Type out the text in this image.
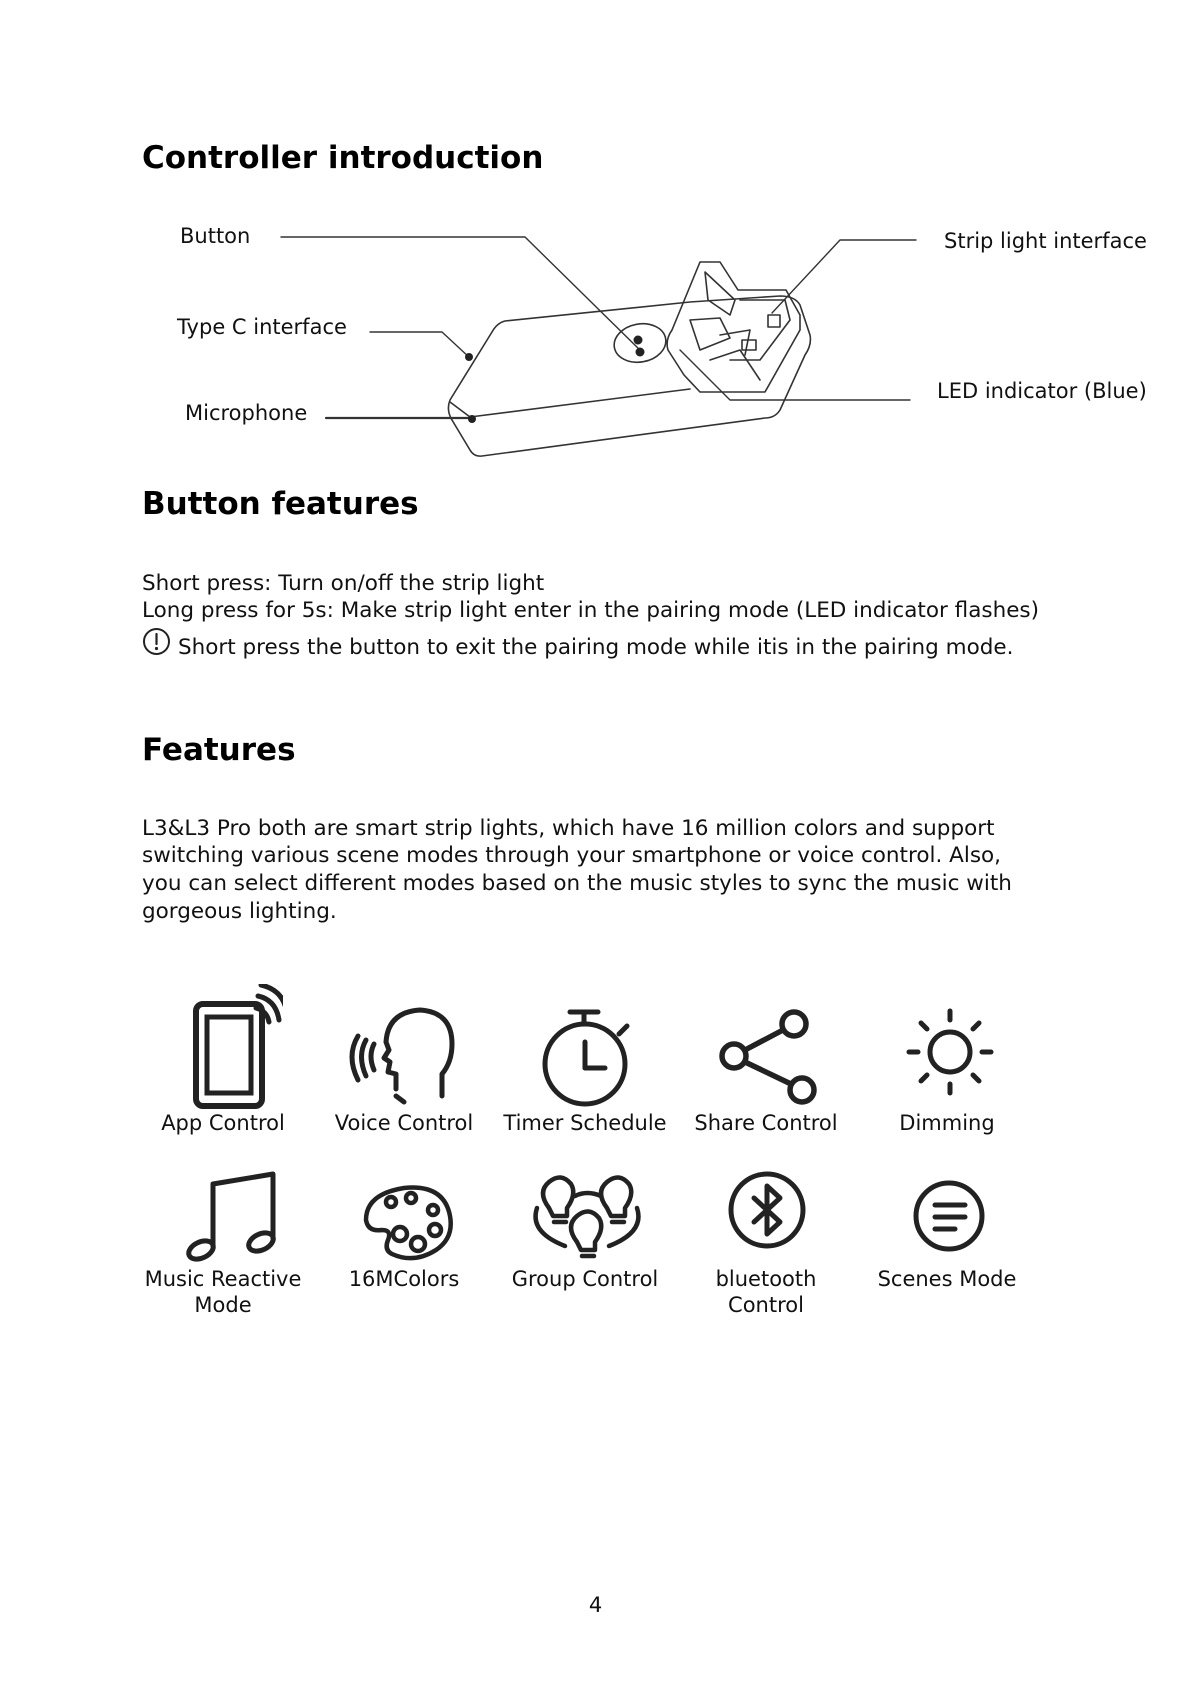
Controller introduction
Button
Type C interface
Microphone
Strip light interface
LED indicator (Blue)
Button features
Short press: Turn on/off the strip light
Long press for 5s: Make strip light enter in the pairing mode (LED indicator flashes)
Short press the button to exit the pairing mode while itis in the pairing mode.
Features
L3&L3 Pro both are smart strip lights, which have 16 million colors and support
switching various scene modes through your smartphone or voice control. Also,
you can select different modes based on the music styles to sync the music with
gorgeous lighting.
App Control	Voice Control	Timer Schedule	Share Control	Dimming
Music Reactive
Mode
16MColors	Group Control	bluetooth
Control
Scenes Mode
4
